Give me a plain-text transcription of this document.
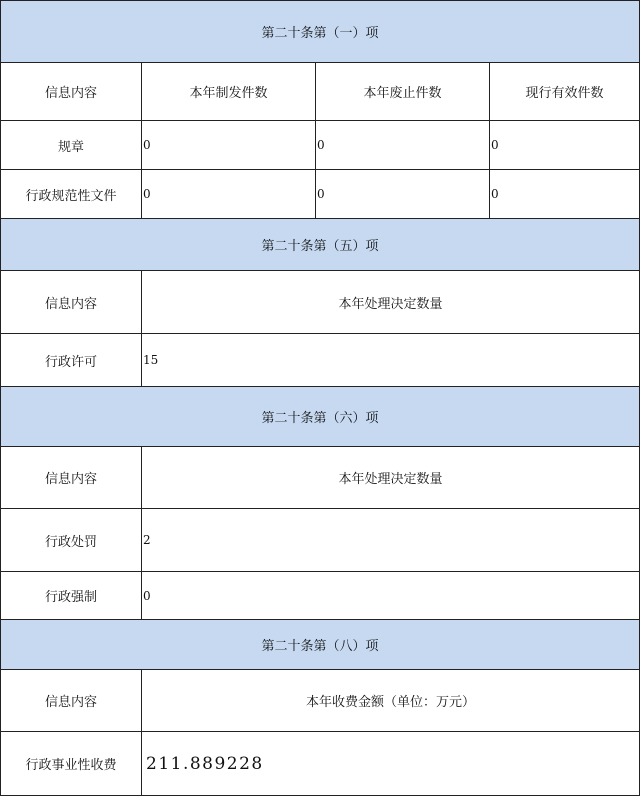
第二十条第（一）项			
信息内容	本年制发件数	本年废止件数	现行有效件数
规章	0	0	0
行政规范性文件	0	0	0
第二十条第（五）项			
信息内容	本年处理决定数量		
行政许可	15		
第二十条第（六）项			
信息内容	本年处理决定数量		
行政处罚	2		
行政强制	0		
第二十条第（八）项			
信息内容	本年收费金额（单位：万元）		
行政事业性收费	211.889228		
